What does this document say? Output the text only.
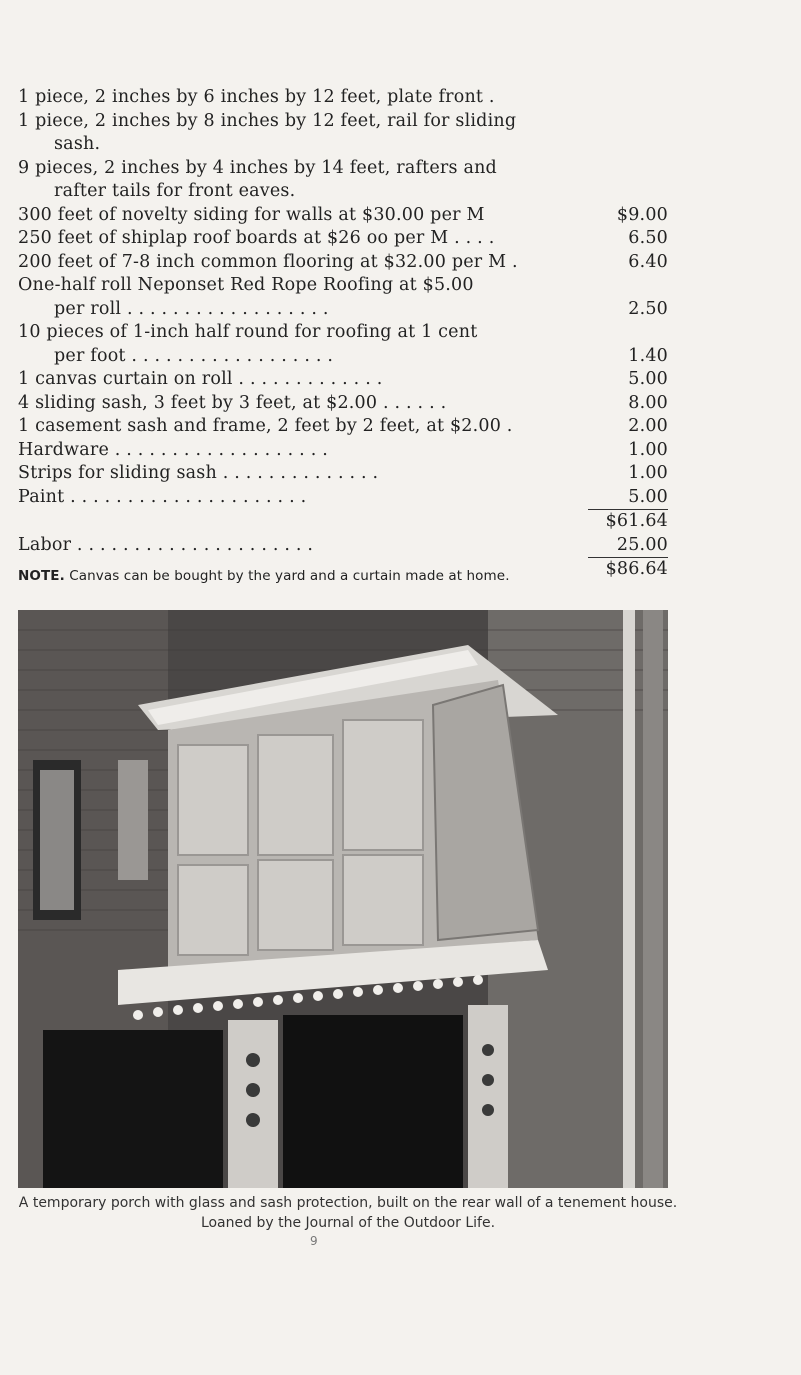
1 piece, 2 inches by 6 inches by 12 feet, plate front .
1 piece, 2 inches by 8 inches by 12 feet, rail for sliding
sash.
9 pieces, 2 inches by 4 inches by 14 feet, rafters and
rafter tails for front eaves.
300 feet of novelty siding for walls at $30.00 per M	$9.00
250 feet of shiplap roof boards at $26 oo per M . . . .	6.50
200 feet of 7-8 inch common flooring at $32.00 per M .	6.40
One-half roll Neponset Red Rope Roofing at $5.00
per roll . . . . . . . . . . . . . . . . . .	2.50
10 pieces of 1-inch half round for roofing at 1 cent
per foot . . . . . . . . . . . . . . . . . .	1.40
1 canvas curtain on roll . . . . . . . . . . . . .	5.00
4 sliding sash, 3 feet by 3 feet, at $2.00 . . . . . .	8.00
1 casement sash and frame, 2 feet by 2 feet, at $2.00 .	2.00
Hardware . . . . . . . . . . . . . . . . . . .	1.00
Strips for sliding sash . . . . . . . . . . . . . .	1.00
Paint . . . . . . . . . . . . . . . . . . . . .	5.00
$61.64
Labor . . . . . . . . . . . . . . . . . . . . .	25.00
$86.64
NOTE. Canvas can be bought by the yard and a curtain made at home.
A temporary porch with glass and sash protection, built on the rear wall of a tenement house. Loaned by the Journal of the Outdoor Life.
9
